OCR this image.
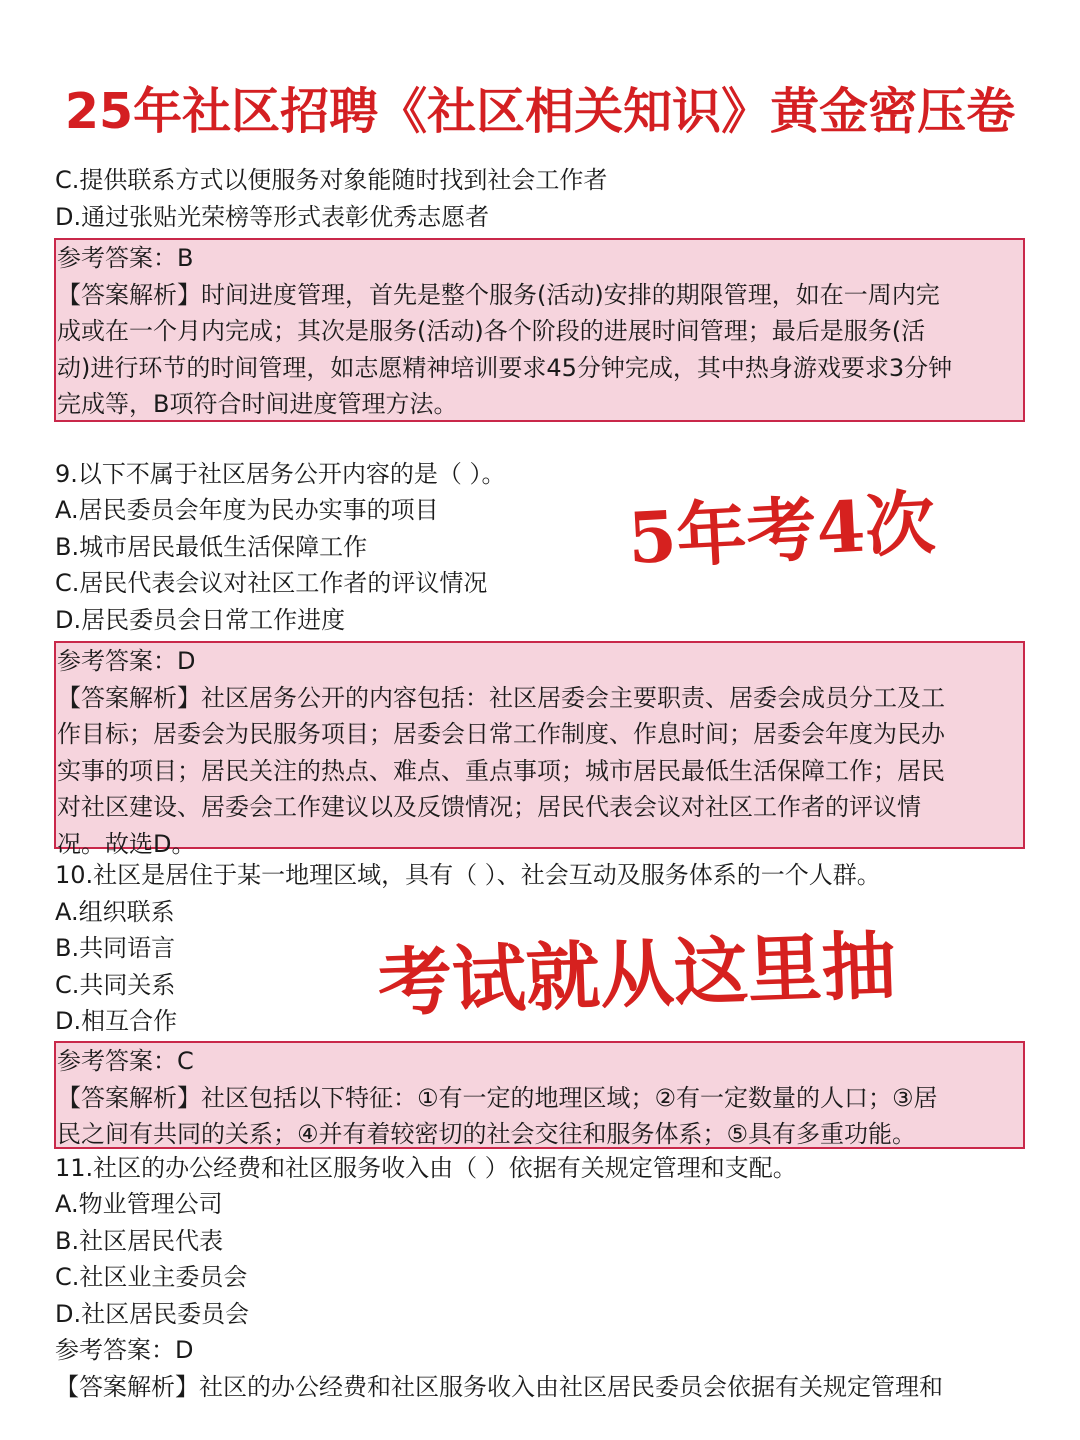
25年社区招聘《社区相关知识》黄金密压卷
C.提供联系方式以便服务对象能随时找到社会工作者
D.通过张贴光荣榜等形式表彰优秀志愿者
参考答案：B
【答案解析】时间进度管理，首先是整个服务(活动)安排的期限管理，如在一周内完
成或在一个月内完成；其次是服务(活动)各个阶段的进展时间管理；最后是服务(活
动)进行环节的时间管理，如志愿精神培训要求45分钟完成，其中热身游戏要求3分钟
完成等，B项符合时间进度管理方法。
9.以下不属于社区居务公开内容的是（ ）。
A.居民委员会年度为民办实事的项目
B.城市居民最低生活保障工作
C.居民代表会议对社区工作者的评议情况
D.居民委员会日常工作进度
参考答案：D
【答案解析】社区居务公开的内容包括：社区居委会主要职责、居委会成员分工及工
作目标；居委会为民服务项目；居委会日常工作制度、作息时间；居委会年度为民办
实事的项目；居民关注的热点、难点、重点事项；城市居民最低生活保障工作；居民
对社区建设、居委会工作建议以及反馈情况；居民代表会议对社区工作者的评议情
况。故选D。
10.社区是居住于某一地理区域，具有（ ）、社会互动及服务体系的一个人群。
A.组织联系
B.共同语言
C.共同关系
D.相互合作
参考答案：C
【答案解析】社区包括以下特征：①有一定的地理区域；②有一定数量的人口；③居
民之间有共同的关系；④并有着较密切的社会交往和服务体系；⑤具有多重功能。
11.社区的办公经费和社区服务收入由（ ）依据有关规定管理和支配。
A.物业管理公司
B.社区居民代表
C.社区业主委员会
D.社区居民委员会
参考答案：D
【答案解析】社区的办公经费和社区服务收入由社区居民委员会依据有关规定管理和
5年考4次
考试就从这里抽
